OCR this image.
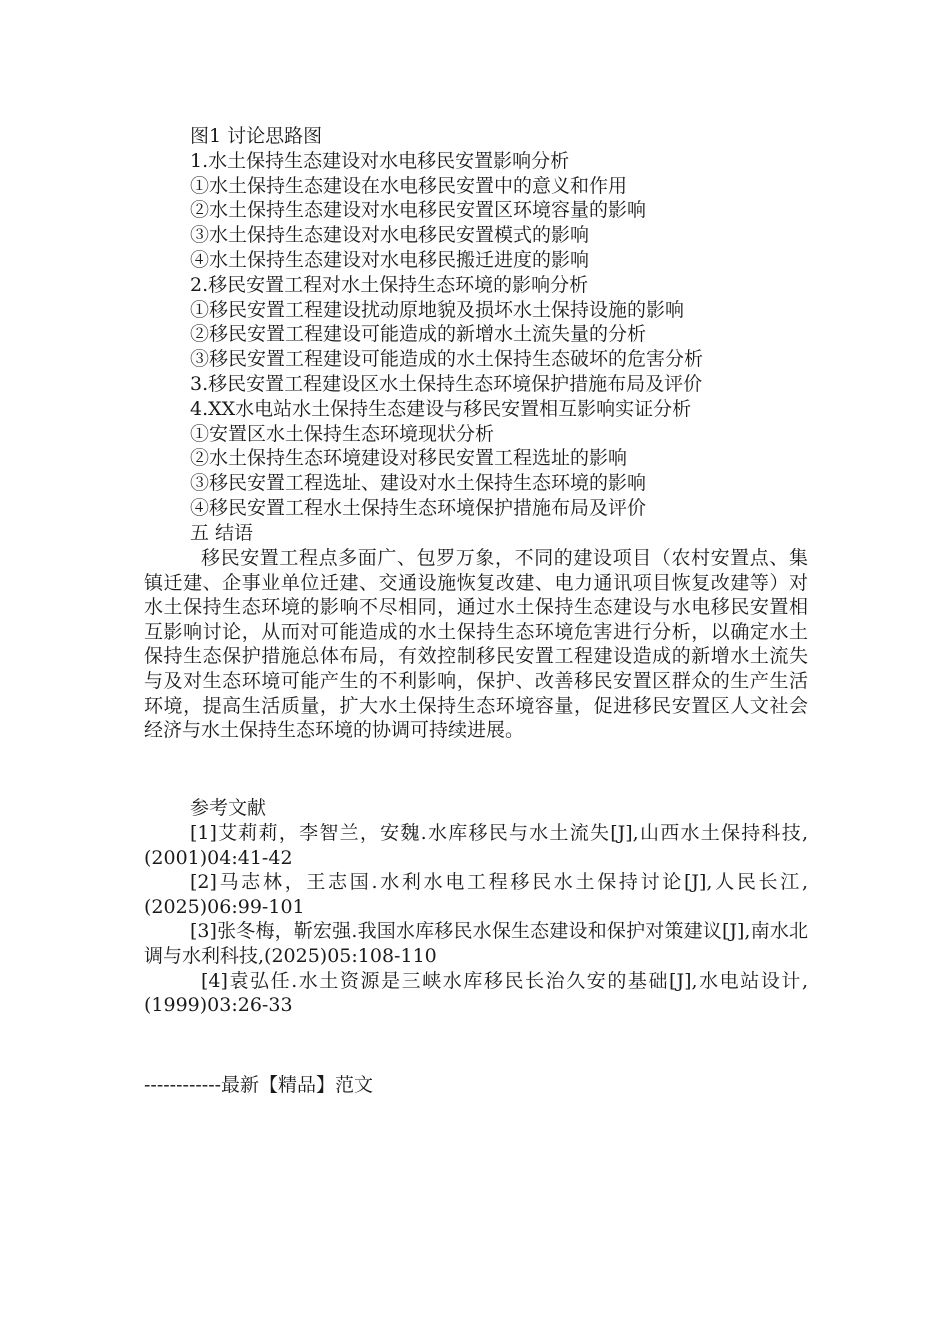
图1 讨论思路图
1.水土保持生态建设对水电移民安置影响分析
①水土保持生态建设在水电移民安置中的意义和作用
②水土保持生态建设对水电移民安置区环境容量的影响
③水土保持生态建设对水电移民安置模式的影响
④水土保持生态建设对水电移民搬迁进度的影响
2.移民安置工程对水土保持生态环境的影响分析
①移民安置工程建设扰动原地貌及损坏水土保持设施的影响
②移民安置工程建设可能造成的新增水土流失量的分析
③移民安置工程建设可能造成的水土保持生态破坏的危害分析
3.移民安置工程建设区水土保持生态环境保护措施布局及评价
4.XX水电站水土保持生态建设与移民安置相互影响实证分析
①安置区水土保持生态环境现状分析
②水土保持生态环境建设对移民安置工程选址的影响
③移民安置工程选址、建设对水土保持生态环境的影响
④移民安置工程水土保持生态环境保护措施布局及评价
五 结语

移民安置工程点多面广、包罗万象，不同的建设项目（农村安置点、集镇迁建、企事业单位迁建、交通设施恢复改建、电力通讯项目恢复改建等）对水土保持生态环境的影响不尽相同，通过水土保持生态建设与水电移民安置相互影响讨论，从而对可能造成的水土保持生态环境危害进行分析，以确定水土保持生态保护措施总体布局，有效控制移民安置工程建设造成的新增水土流失与及对生态环境可能产生的不利影响，保护、改善移民安置区群众的生产生活环境，提高生活质量，扩大水土保持生态环境容量，促进移民安置区人文社会经济与水土保持生态环境的协调可持续进展。

参考文献

[1]艾莉莉，李智兰，安魏.水库移民与水土流失[J],山西水土保持科技,(2001)04:41-42

[2]马志林，王志国.水利水电工程移民水土保持讨论[J],人民长江,(2025)06:99-101

[3]张冬梅，靳宏强.我国水库移民水保生态建设和保护对策建议[J],南水北调与水利科技,(2025)05:108-110

[4]袁弘任.水土资源是三峡水库移民长治久安的基础[J],水电站设计,(1999)03:26-33

------------最新【精品】范文
